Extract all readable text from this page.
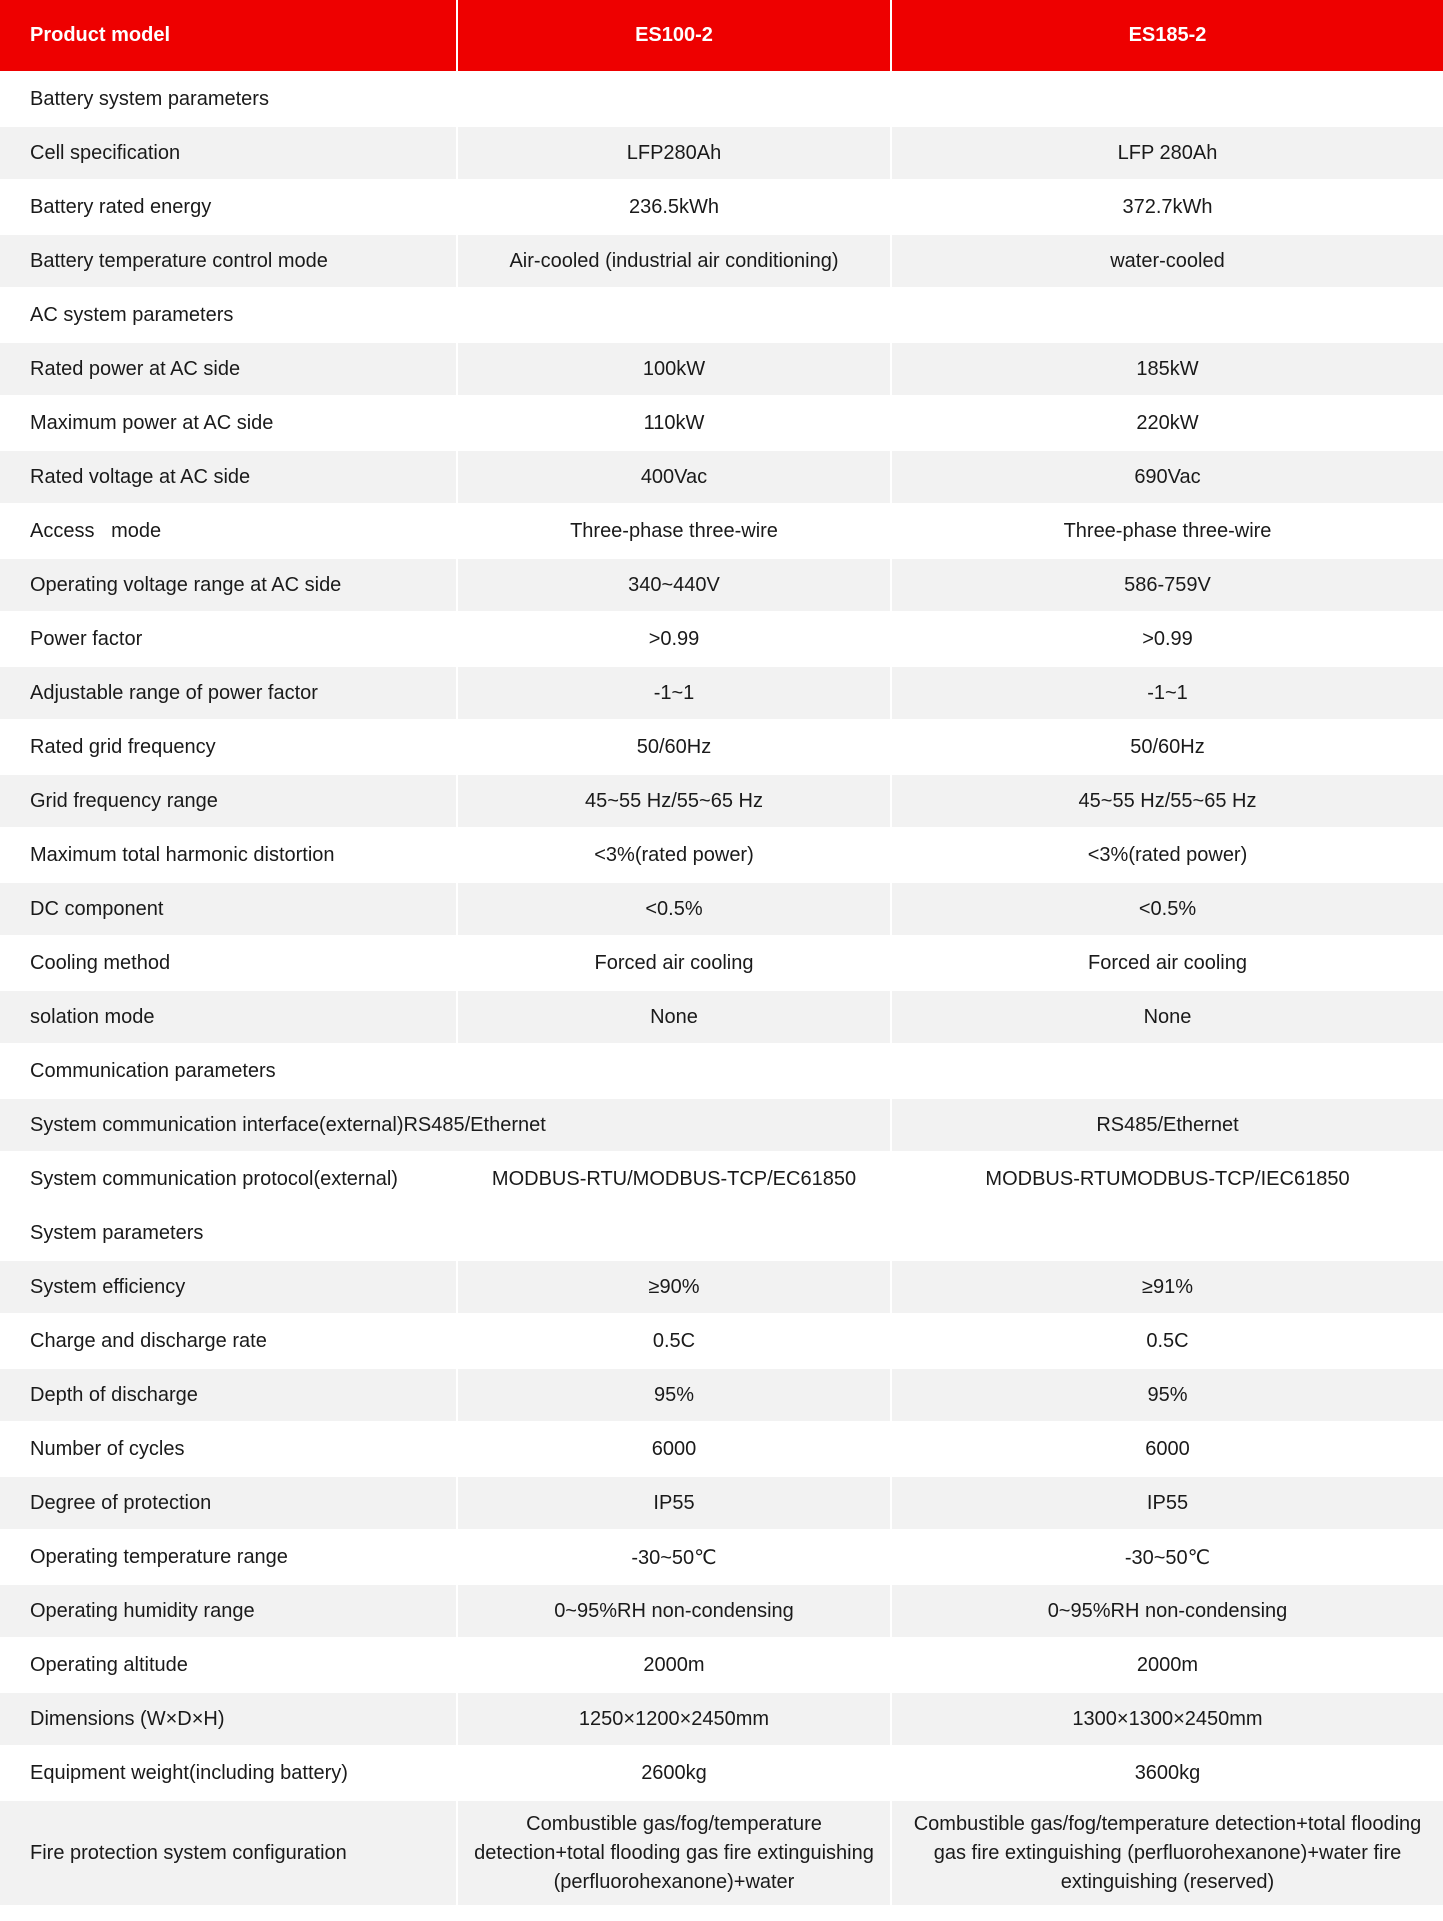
Product model	ES100-2	ES185-2
Battery system parameters		
Cell specification	LFP280Ah	LFP 280Ah
Battery rated energy	236.5kWh	372.7kWh
Battery temperature control mode	Air-cooled (industrial air conditioning)	water-cooled
AC system parameters		
Rated power at AC side	100kW	185kW
Maximum power at AC side	110kW	220kW
Rated voltage at AC side	400Vac	690Vac
Access   mode	Three-phase three-wire	Three-phase three-wire
Operating voltage range at AC side	340~440V	586-759V
Power factor	>0.99	>0.99
Adjustable range of power factor	-1~1	-1~1
Rated grid frequency	50/60Hz	50/60Hz
Grid frequency range	45~55 Hz/55~65 Hz	45~55 Hz/55~65 Hz
Maximum total harmonic distortion	<3%(rated power)	<3%(rated power)
DC component	<0.5%	<0.5%
Cooling method	Forced air cooling	Forced air cooling
solation mode	None	None
Communication parameters		
System communication interface(external)RS485/Ethernet		RS485/Ethernet
System communication protocol(external)	MODBUS-RTU/MODBUS-TCP/EC61850	MODBUS-RTUMODBUS-TCP/IEC61850
System parameters		
System efficiency	≥90%	≥91%
Charge and discharge rate	0.5C	0.5C
Depth of discharge	95%	95%
Number of cycles	6000	6000
Degree of protection	IP55	IP55
Operating temperature range	-30~50℃	-30~50℃
Operating humidity range	0~95%RH non-condensing	0~95%RH non-condensing
Operating altitude	2000m	2000m
Dimensions (W×D×H)	1250×1200×2450mm	1300×1300×2450mm
Equipment weight(including battery)	2600kg	3600kg
Fire protection system configuration	Combustible gas/fog/temperature detection+total flooding gas fire extinguishing (perfluorohexanone)+water	Combustible gas/fog/temperature detection+total flooding gas fire extinguishing (perfluorohexanone)+water fire extinguishing (reserved)
